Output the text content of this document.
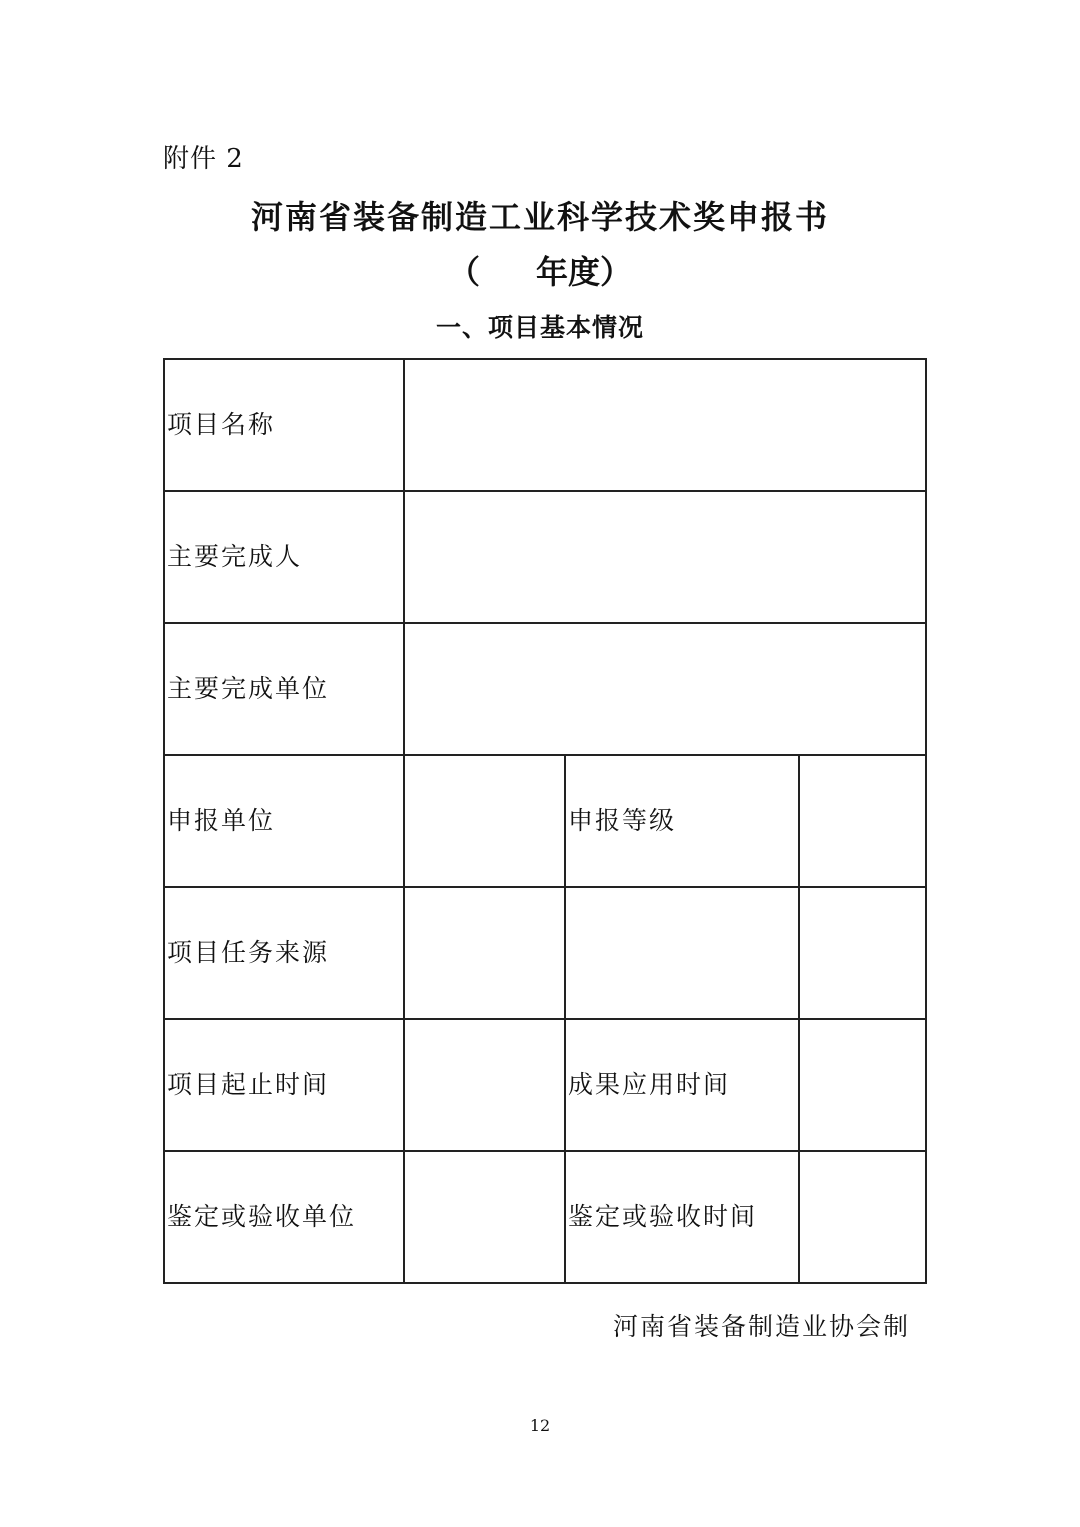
附件 2
河南省装备制造工业科学技术奖申报书
（ 年度）
一、项目基本情况
项目名称			
主要完成人			
主要完成单位			
申报单位		申报等级	
项目任务来源			
项目起止时间		成果应用时间	
鉴定或验收单位		鉴定或验收时间	
河南省装备制造业协会制
12
